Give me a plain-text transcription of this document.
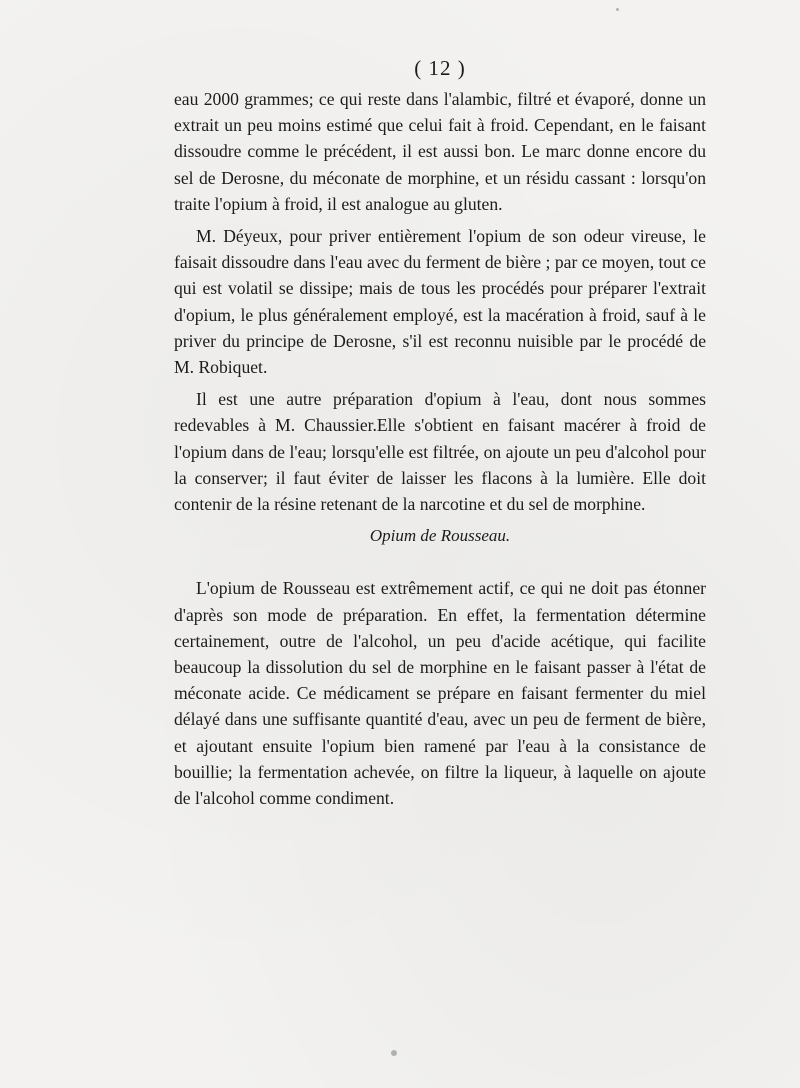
( 12 )

eau 2000 grammes; ce qui reste dans l'alambic, filtré et évaporé, donne un extrait un peu moins estimé que celui fait à froid. Cependant, en le faisant dissoudre comme le précédent, il est aussi bon. Le marc donne encore du sel de Derosne, du méconate de morphine, et un résidu cassant : lorsqu'on traite l'opium à froid, il est analogue au gluten.

M. Déyeux, pour priver entièrement l'opium de son odeur vireuse, le faisait dissoudre dans l'eau avec du ferment de bière ; par ce moyen, tout ce qui est volatil se dissipe; mais de tous les procédés pour préparer l'extrait d'opium, le plus généralement employé, est la macération à froid, sauf à le priver du principe de Derosne, s'il est reconnu nuisible par le procédé de M. Robiquet.

Il est une autre préparation d'opium à l'eau, dont nous sommes redevables à M. Chaussier.Elle s'obtient en faisant macérer à froid de l'opium dans de l'eau; lorsqu'elle est filtrée, on ajoute un peu d'alcohol pour la conserver; il faut éviter de laisser les flacons à la lumière. Elle doit contenir de la résine retenant de la narcotine et du sel de morphine.

Opium de Rousseau.

L'opium de Rousseau est extrêmement actif, ce qui ne doit pas étonner d'après son mode de préparation. En effet, la fermentation détermine certainement, outre de l'alcohol, un peu d'acide acétique, qui facilite beaucoup la dissolution du sel de morphine en le faisant passer à l'état de méconate acide. Ce médicament se prépare en faisant fermenter du miel délayé dans une suffisante quantité d'eau, avec un peu de ferment de bière, et ajoutant ensuite l'opium bien ramené par l'eau à la consistance de bouillie; la fermentation achevée, on filtre la liqueur, à laquelle on ajoute de l'alcohol comme condiment.
